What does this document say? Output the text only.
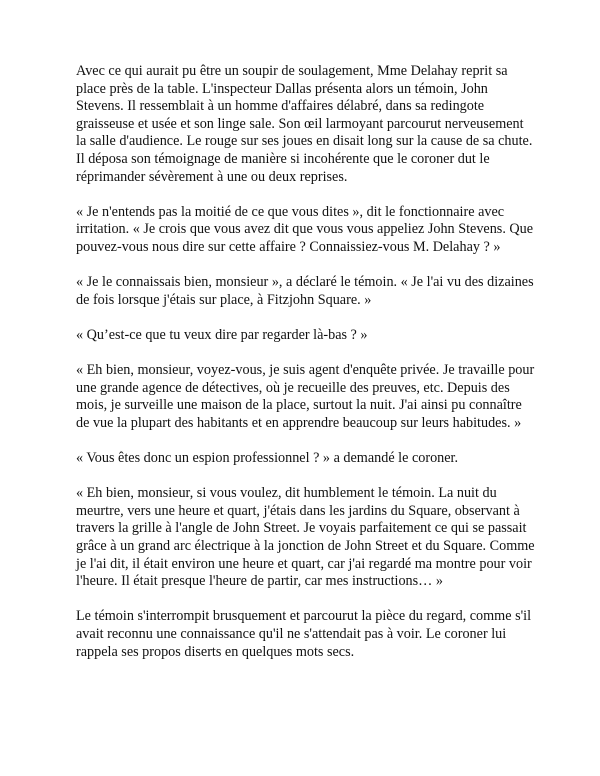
Avec ce qui aurait pu être un soupir de soulagement, Mme Delahay reprit sa place près de la table. L'inspecteur Dallas présenta alors un témoin, John Stevens. Il ressemblait à un homme d'affaires délabré, dans sa redingote graisseuse et usée et son linge sale. Son œil larmoyant parcourut nerveusement la salle d'audience. Le rouge sur ses joues en disait long sur la cause de sa chute. Il déposa son témoignage de manière si incohérente que le coroner dut le réprimander sévèrement à une ou deux reprises.

« Je n'entends pas la moitié de ce que vous dites », dit le fonctionnaire avec irritation. « Je crois que vous avez dit que vous vous appeliez John Stevens. Que pouvez-vous nous dire sur cette affaire ? Connaissiez-vous M. Delahay ? »

« Je le connaissais bien, monsieur », a déclaré le témoin. « Je l'ai vu des dizaines de fois lorsque j'étais sur place, à Fitzjohn Square. »

« Qu’est-ce que tu veux dire par regarder là-bas ? »

« Eh bien, monsieur, voyez-vous, je suis agent d'enquête privée. Je travaille pour une grande agence de détectives, où je recueille des preuves, etc. Depuis des mois, je surveille une maison de la place, surtout la nuit. J'ai ainsi pu connaître de vue la plupart des habitants et en apprendre beaucoup sur leurs habitudes. »

« Vous êtes donc un espion professionnel ? » a demandé le coroner.

« Eh bien, monsieur, si vous voulez, dit humblement le témoin. La nuit du meurtre, vers une heure et quart, j'étais dans les jardins du Square, observant à travers la grille à l'angle de John Street. Je voyais parfaitement ce qui se passait grâce à un grand arc électrique à la jonction de John Street et du Square. Comme je l'ai dit, il était environ une heure et quart, car j'ai regardé ma montre pour voir l'heure. Il était presque l'heure de partir, car mes instructions… »

Le témoin s'interrompit brusquement et parcourut la pièce du regard, comme s'il avait reconnu une connaissance qu'il ne s'attendait pas à voir. Le coroner lui rappela ses propos diserts en quelques mots secs.
